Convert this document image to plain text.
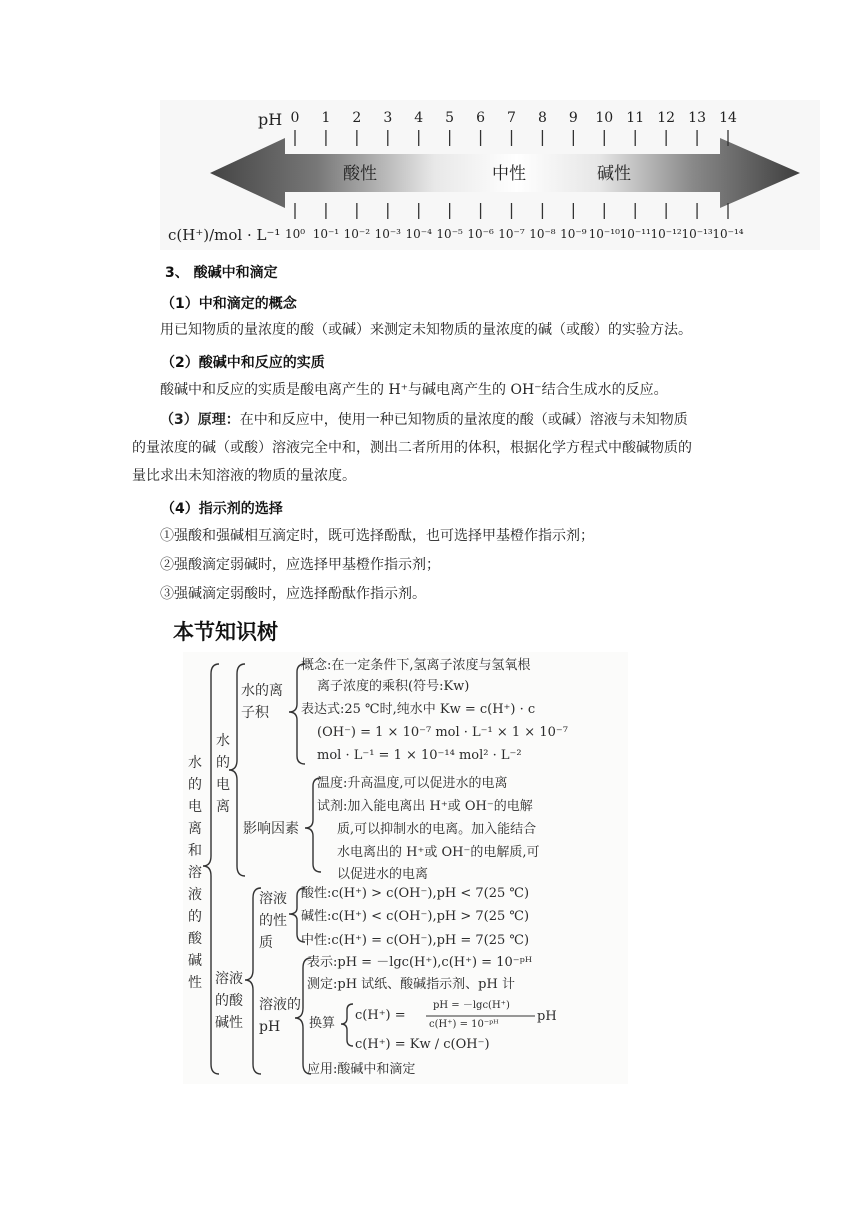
酸性	中性	碱性
pH
c(H⁺)/mol · L⁻¹
0
10⁰
1
10⁻¹
2
10⁻²
3
10⁻³
4
10⁻⁴
5
10⁻⁵
6
10⁻⁶
7
10⁻⁷
8
10⁻⁸
9
10⁻⁹
10
10⁻¹⁰
11
10⁻¹¹
12
10⁻¹²
13
10⁻¹³
14
10⁻¹⁴
3、 酸碱中和滴定
（1）中和滴定的概念
用已知物质的量浓度的酸（或碱）来测定未知物质的量浓度的碱（或酸）的实验方法。
（2）酸碱中和反应的实质
酸碱中和反应的实质是酸电离产生的 H⁺与碱电离产生的 OH⁻结合生成水的反应。
（3）原理：在中和反应中，使用一种已知物质的量浓度的酸（或碱）溶液与未知物质
的量浓度的碱（或酸）溶液完全中和，测出二者所用的体积，根据化学方程式中酸碱物质的
量比求出未知溶液的物质的量浓度。
（4）指示剂的选择
①强酸和强碱相互滴定时，既可选择酚酞，也可选择甲基橙作指示剂；
②强酸滴定弱碱时，应选择甲基橙作指示剂；
③强碱滴定弱酸时，应选择酚酞作指示剂。
本节知识树
水的电离和溶液的酸碱性
水的电离
水的离子积
概念:在一定条件下,氢离子浓度与氢氧根
离子浓度的乘积(符号:Kw)
表达式:25 ℃时,纯水中 Kw = c(H⁺) · c
(OH⁻) = 1 × 10⁻⁷ mol · L⁻¹ × 1 × 10⁻⁷
mol · L⁻¹ = 1 × 10⁻¹⁴ mol² · L⁻²
影响因素
温度:升高温度,可以促进水的电离
试剂:加入能电离出 H⁺或 OH⁻的电解
质,可以抑制水的电离。加入能结合
水电离出的 H⁺或 OH⁻的电解质,可
以促进水的电离
溶液的酸碱性
溶液的性质
酸性:c(H⁺) > c(OH⁻),pH < 7(25 ℃)
碱性:c(H⁺) < c(OH⁻),pH > 7(25 ℃)
中性:c(H⁺) = c(OH⁻),pH = 7(25 ℃)
溶液的 pH
表示:pH = －lgc(H⁺),c(H⁺) = 10⁻ᵖᴴ
测定:pH 试纸、酸碱指示剂、pH 计
换算
c(H⁺) =
pH = －lgc(H⁺)
c(H⁺) = 10⁻ᵖᴴ
pH
c(H⁺) = Kw / c(OH⁻)
应用:酸碱中和滴定
